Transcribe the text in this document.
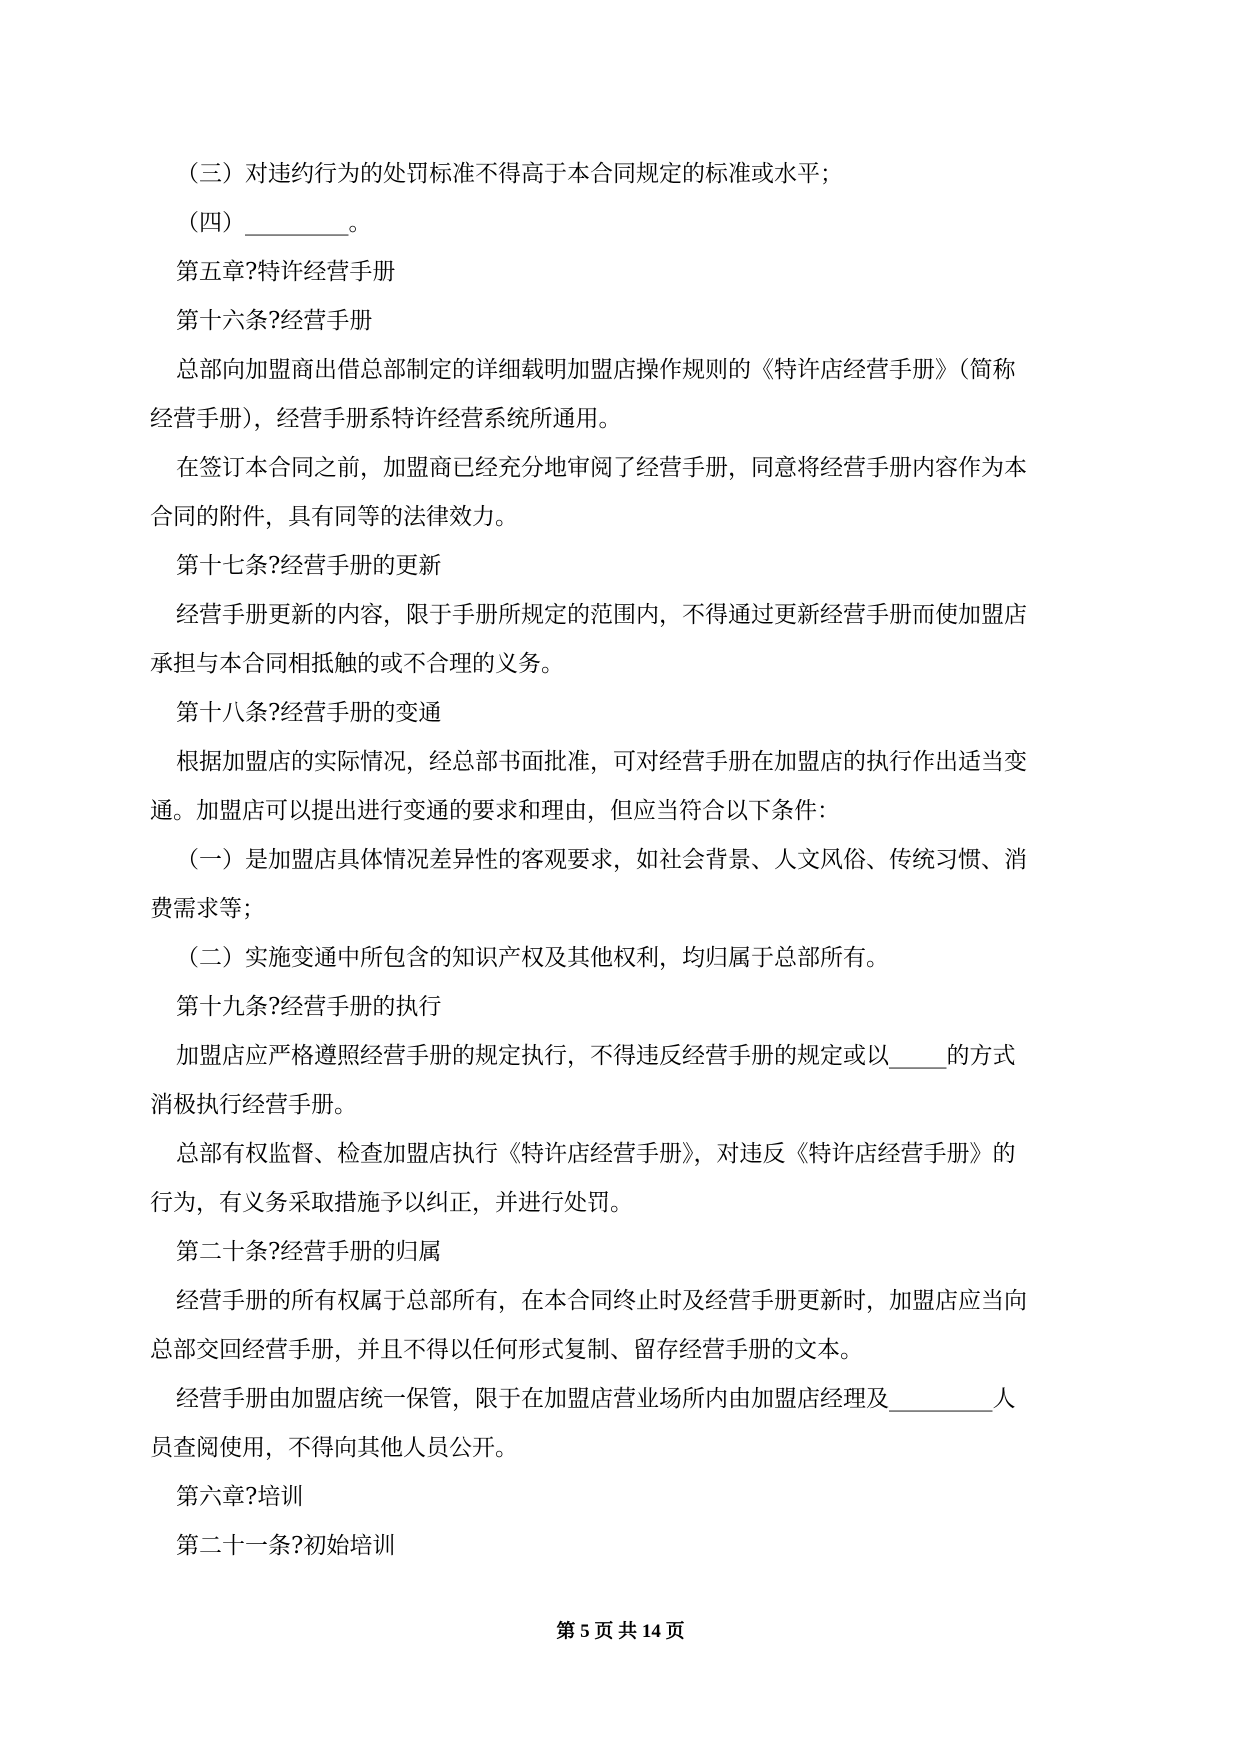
（三）对违约行为的处罚标准不得高于本合同规定的标准或水平；

（四）_________。

第五章?特许经营手册

第十六条?经营手册

总部向加盟商出借总部制定的详细载明加盟店操作规则的《特许店经营手册》（简称

经营手册），经营手册系特许经营系统所通用。

在签订本合同之前，加盟商已经充分地审阅了经营手册，同意将经营手册内容作为本

合同的附件，具有同等的法律效力。

第十七条?经营手册的更新

经营手册更新的内容，限于手册所规定的范围内，不得通过更新经营手册而使加盟店

承担与本合同相抵触的或不合理的义务。

第十八条?经营手册的变通

根据加盟店的实际情况，经总部书面批准，可对经营手册在加盟店的执行作出适当变

通。加盟店可以提出进行变通的要求和理由，但应当符合以下条件：

（一）是加盟店具体情况差异性的客观要求，如社会背景、人文风俗、传统习惯、消

费需求等；

（二）实施变通中所包含的知识产权及其他权利，均归属于总部所有。

第十九条?经营手册的执行

加盟店应严格遵照经营手册的规定执行，不得违反经营手册的规定或以_____的方式

消极执行经营手册。

总部有权监督、检查加盟店执行《特许店经营手册》，对违反《特许店经营手册》的

行为，有义务采取措施予以纠正，并进行处罚。

第二十条?经营手册的归属

经营手册的所有权属于总部所有，在本合同终止时及经营手册更新时，加盟店应当向

总部交回经营手册，并且不得以任何形式复制、留存经营手册的文本。

经营手册由加盟店统一保管，限于在加盟店营业场所内由加盟店经理及_________人

员查阅使用，不得向其他人员公开。

第六章?培训

第二十一条?初始培训

第 5 页 共 14 页
